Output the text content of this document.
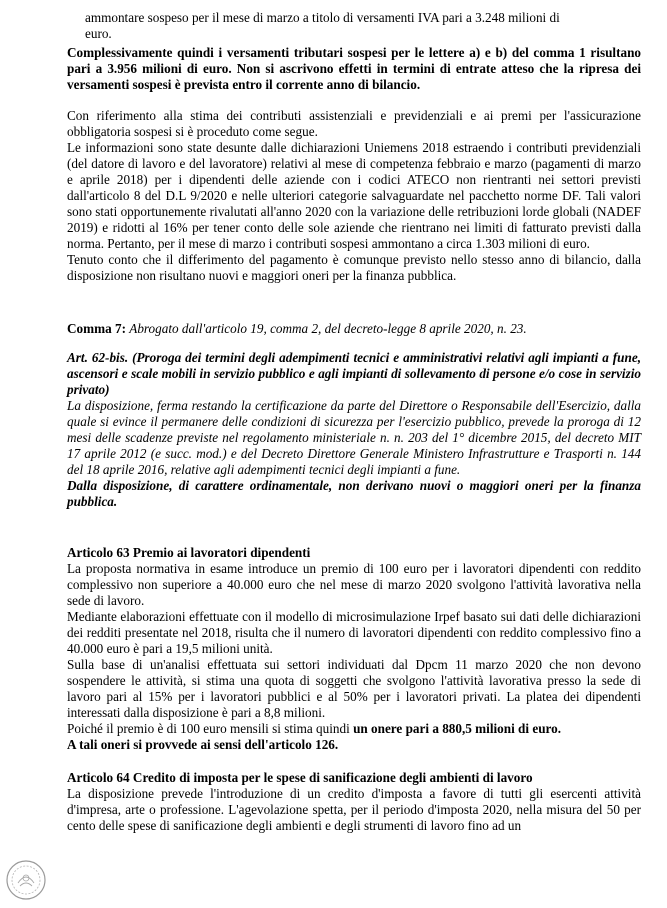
ammontare sospeso per il mese di marzo a titolo di versamenti IVA pari a 3.248 milioni di

euro.

Complessivamente quindi i versamenti tributari sospesi per le lettere a) e b) del comma 1 risultano pari a 3.956 milioni di euro. Non si ascrivono effetti in termini di entrate atteso che la ripresa dei versamenti sospesi è prevista entro il corrente anno di bilancio.

Con riferimento alla stima dei contributi assistenziali e previdenziali e ai premi per l'assicurazione obbligatoria sospesi si è proceduto come segue.

Le informazioni sono state desunte dalle dichiarazioni Uniemens 2018 estraendo i contributi previdenziali (del datore di lavoro e del lavoratore) relativi al mese di competenza febbraio e marzo (pagamenti di marzo e aprile 2018) per i dipendenti delle aziende con i codici ATECO non rientranti nei settori previsti dall'articolo 8 del D.L 9/2020 e nelle ulteriori categorie salvaguardate nel pacchetto norme DF. Tali valori sono stati opportunemente rivalutati all'anno 2020 con la variazione delle retribuzioni lorde globali (NADEF 2019) e ridotti al 16% per tener conto delle sole aziende che rientrano nei limiti di fatturato previsti dalla norma. Pertanto, per il mese di marzo i contributi sospesi ammontano a circa 1.303 milioni di euro.

Tenuto conto che il differimento del pagamento è comunque previsto nello stesso anno di bilancio, dalla disposizione non risultano nuovi e maggiori oneri per la finanza pubblica.

Comma 7: Abrogato dall'articolo 19, comma 2, del decreto-legge 8 aprile 2020, n. 23.

Art. 62-bis. (Proroga dei termini degli adempimenti tecnici e amministrativi relativi agli impianti a fune, ascensori e scale mobili in servizio pubblico e agli impianti di sollevamento di persone e/o cose in servizio privato)

La disposizione, ferma restando la certificazione da parte del Direttore o Responsabile dell'Esercizio, dalla quale si evince il permanere delle condizioni di sicurezza per l'esercizio pubblico, prevede la proroga di 12 mesi delle scadenze previste nel regolamento ministeriale n. n. 203 del 1° dicembre 2015, del decreto MIT 17 aprile 2012 (e succ. mod.) e del Decreto Direttore Generale Ministero Infrastrutture e Trasporti n. 144 del 18 aprile 2016, relative agli adempimenti tecnici degli impianti a fune.

Dalla disposizione, di carattere ordinamentale, non derivano nuovi o maggiori oneri per la finanza pubblica.

Articolo 63 Premio ai lavoratori dipendenti

La proposta normativa in esame introduce un premio di 100 euro per i lavoratori dipendenti con reddito complessivo non superiore a 40.000 euro che nel mese di marzo 2020 svolgono l'attività lavorativa nella sede di lavoro.

Mediante elaborazioni effettuate con il modello di microsimulazione Irpef basato sui dati delle dichiarazioni dei redditi presentate nel 2018, risulta che il numero di lavoratori dipendenti con reddito complessivo fino a 40.000 euro è pari a 19,5 milioni unità.

Sulla base di un'analisi effettuata sui settori individuati dal Dpcm 11 marzo 2020 che non devono sospendere le attività, si stima una quota di soggetti che svolgono l'attività lavorativa presso la sede di lavoro pari al 15% per i lavoratori pubblici e al 50% per i lavoratori privati. La platea dei dipendenti interessati dalla disposizione è pari a 8,8 milioni.

Poiché il premio è di 100 euro mensili si stima quindi un onere pari a 880,5 milioni di euro.

A tali oneri si provvede ai sensi dell'articolo 126.

Articolo 64 Credito di imposta per le spese di sanificazione degli ambienti di lavoro

La disposizione prevede l'introduzione di un credito d'imposta a favore di tutti gli esercenti attività d'impresa, arte o professione. L'agevolazione spetta, per il periodo d'imposta 2020, nella misura del 50 per cento delle spese di sanificazione degli ambienti e degli strumenti di lavoro fino ad un
